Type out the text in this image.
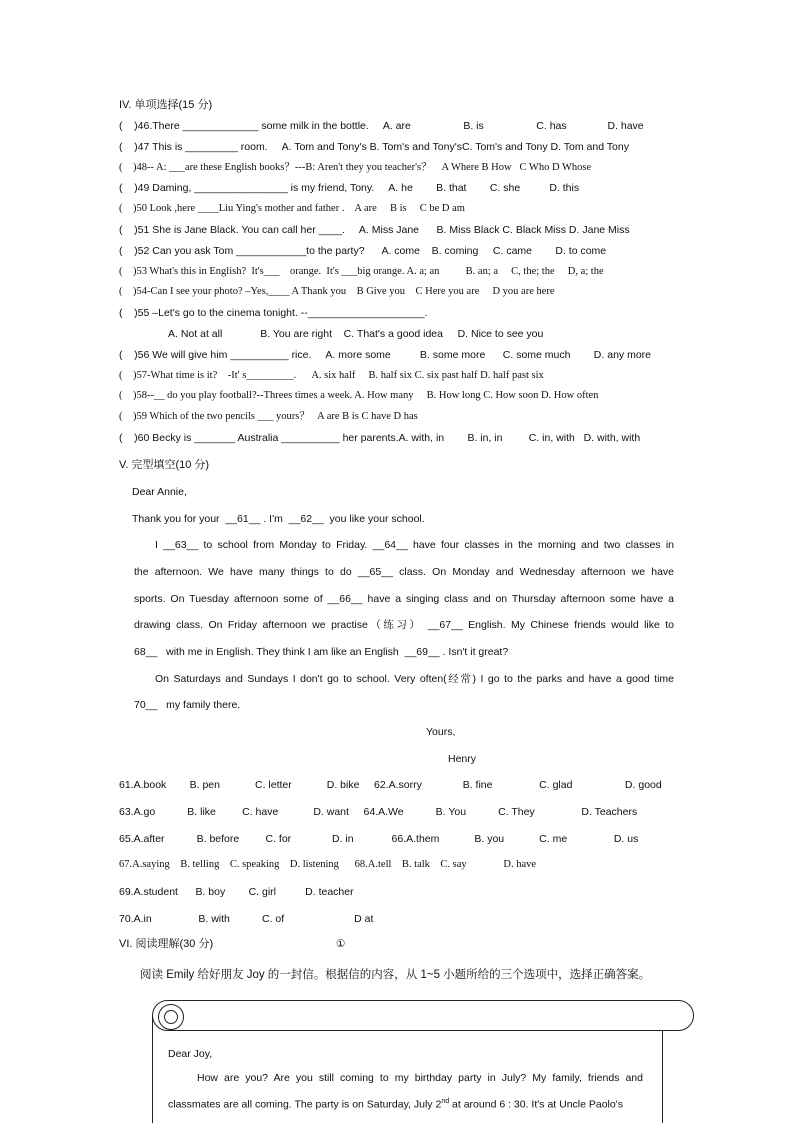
IV. 单项选择(15 分)
(    )46.There _____________ some milk in the bottle.     A. are                  B. is                  C. has              D. have
(    )47 This is _________ room.     A. Tom and Tony's B. Tom's and Tony'sC. Tom's and Tony D. Tom and Tony
(    )48-- A: ___are these English books？---B: Aren't they you teacher's？    A Where B How   C Who D Whose
(    )49 Daming, ________________ is my friend, Tony.     A. he        B. that        C. she          D. this
(    )50 Look ,here ____Liu Ying's mother and father .    A are     B is     C be D am
(    )51 She is Jane Black. You can call her ____.     A. Miss Jane      B. Miss Black C. Black Miss D. Jane Miss
(    )52 Can you ask Tom ____________to the party?      A. come    B. coming     C. came        D. to come
(    )53 What's this in English?  It's___    orange.  It's ___big orange. A. a; an          B. an; a     C, the; the     D, a; the
(    )54-Can I see your photo? –Yes,____ A Thank you    B Give you    C Here you are     D you are here
(    )55 –Let's go to the cinema tonight. --____________________.
A. Not at all             B. You are right    C. That's a good idea     D. Nice to see you
(    )56 We will give him __________ rice.     A. more some          B. some more      C. some much        D. any more
(    )57-What time is it?    -It' s_________.      A. six half     B. half six C. six past half D. half past six
(    )58--__ do you play football?--Threes times a week. A. How many     B. How long C. How soon D. How often
(    )59 Which of the two pencils ___ yours？   A are B is C have D has
(    )60 Becky is _______ Australia __________ her parents.A. with, in        B. in, in         C. in, with   D. with, with
V. 完型填空(10 分)
Dear Annie,
Thank you for your  __61__ . I'm  __62__  you like your school.
I __63__ to school from Monday to Friday. __64__ have four classes in the morning and two classes in
the afternoon. We have many things to do __65__ class. On Monday and Wednesday afternoon we have
sports. On Tuesday afternoon some of __66__ have a singing class and on Thursday afternoon some have a
drawing class. On Friday afternoon we practise（练习） __67__ English. My Chinese friends would like to
68__   with me in English. They think I am like an English  __69__ . Isn't it great?
On Saturdays and Sundays I don't go to school. Very often(经常) I go to the parks and have a good time
70__   my family there.
Yours,
Henry
61.A.book        B. pen            C. letter            D. bike     62.A.sorry              B. fine                C. glad                  D. good
63.A.go           B. like         C. have            D. want     64.A.We           B. You           C. They                D. Teachers
65.A.after           B. before         C. for              D. in             66.A.them            B. you            C. me                D. us
67.A.saying    B. telling    C. speaking    D. listening      68.A.tell    B. talk    C. say              D. have
69.A.student      B. boy        C. girl          D. teacher
70.A.in                B. with           C. of                        D at
VI. 阅读理解(30 分)	①
阅读 Emily 给好朋友 Joy 的一封信。根据信的内容，从 1~5 小题所给的三个选项中，选择正确答案。
Dear Joy,
How are you? Are you still coming to my birthday party in July? My family, friends and
classmates are all coming. The party is on Saturday, July 2nd at around 6 : 30. It's at Uncle Paolo's
